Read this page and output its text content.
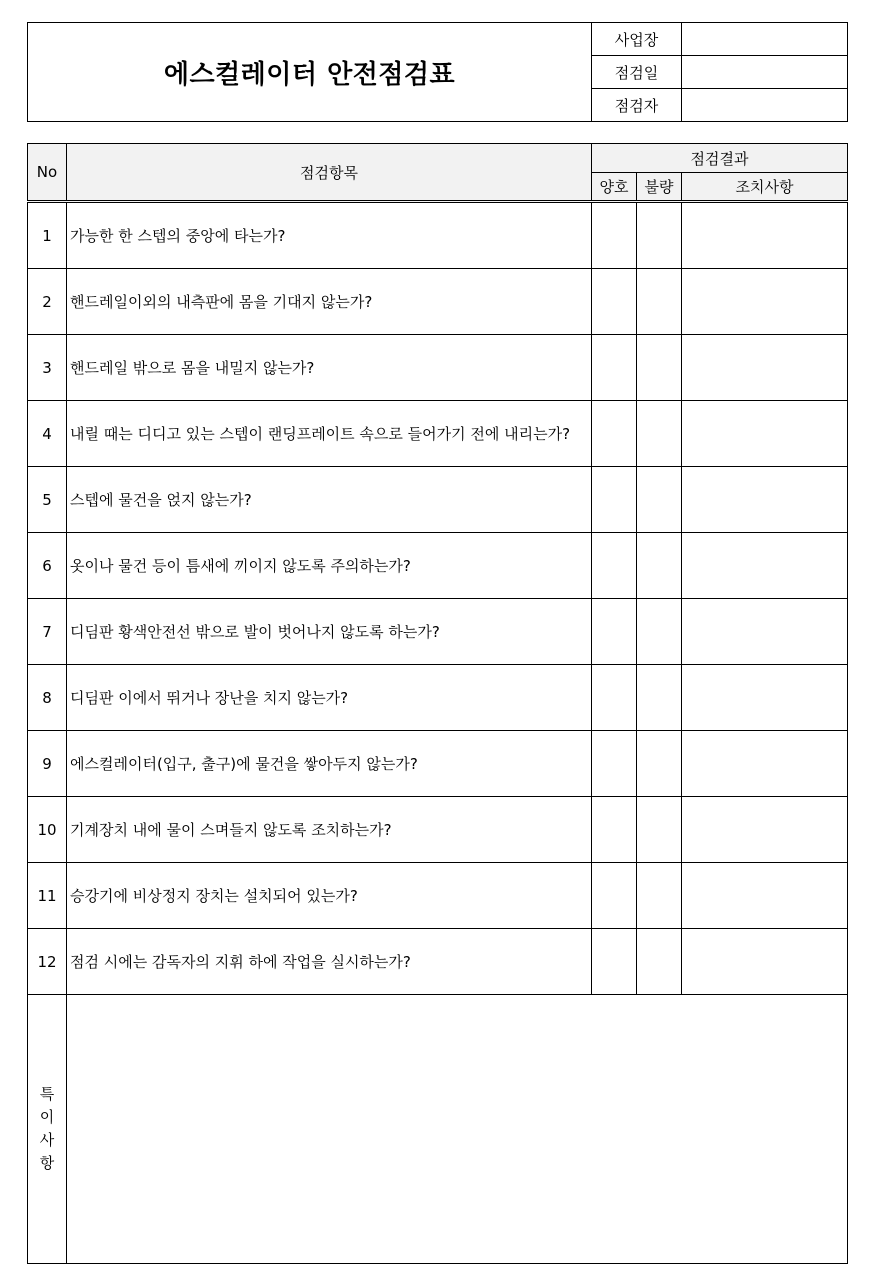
에스컬레이터 안전점검표	사업장	
	점검일	
	점검자	
No	점검항목	점검결과		
		양호	불량	조치사항
1	가능한 한 스텝의 중앙에 타는가?			
2	핸드레일이외의 내측판에 몸을 기대지 않는가?			
3	핸드레일 밖으로 몸을 내밀지 않는가?			
4	내릴 때는 디디고 있는 스텝이 랜딩프레이트 속으로 들어가기 전에 내리는가?			
5	스텝에 물건을 얹지 않는가?			
6	옷이나 물건 등이 틈새에 끼이지 않도록 주의하는가?			
7	디딤판 황색안전선 밖으로 발이 벗어나지 않도록 하는가?			
8	디딤판 이에서 뛰거나 장난을 치지 않는가?			
9	에스컬레이터(입구, 출구)에 물건을 쌓아두지 않는가?			
10	기계장치 내에 물이 스며들지 않도록 조치하는가?			
11	승강기에 비상정지 장치는 설치되어 있는가?			
12	점검 시에는 감독자의 지휘 하에 작업을 실시하는가?			

특
이
사
항				
